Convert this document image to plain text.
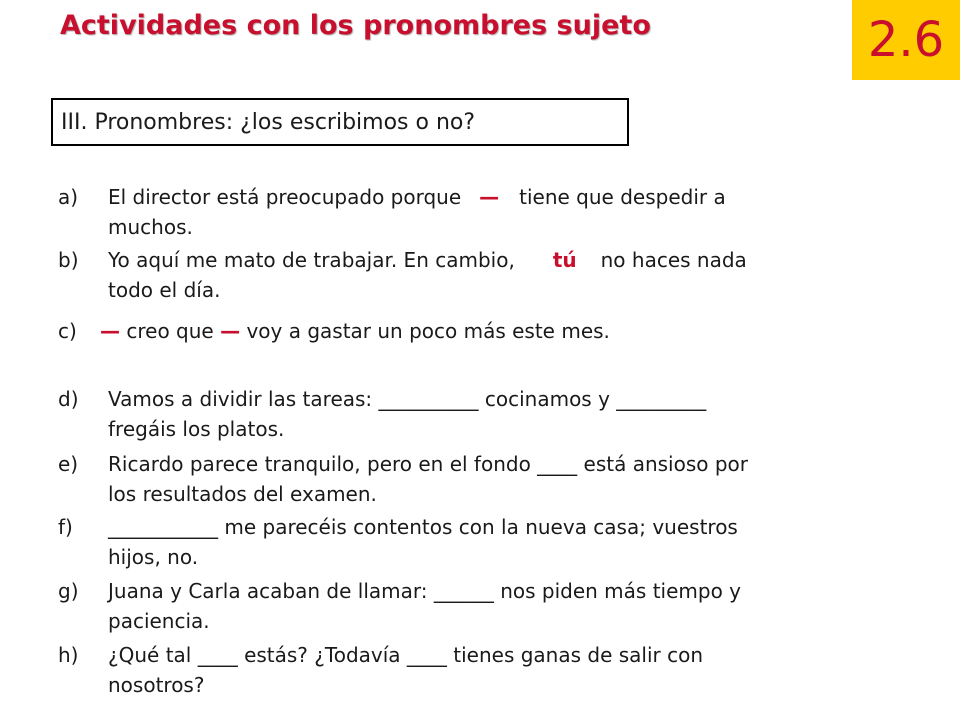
Actividades con los pronombres sujeto	2.6
III. Pronombres: ¿los escribimos o no?
a) El director está preocupado porque — tiene que despedir a
muchos.
b) Yo aquí me mato de trabajar. En cambio, tú no haces nada
todo el día.
c) — creo que — voy a gastar un poco más este mes.
d) Vamos a dividir las tareas: __________ cocinamos y _________
fregáis los platos.
e) Ricardo parece tranquilo, pero en el fondo ____ está ansioso por
los resultados del examen.
f) ___________ me parecéis contentos con la nueva casa; vuestros
hijos, no.
g) Juana y Carla acaban de llamar: ______ nos piden más tiempo y
paciencia.
h) ¿Qué tal ____ estás? ¿Todavía ____ tienes ganas de salir con
nosotros?
